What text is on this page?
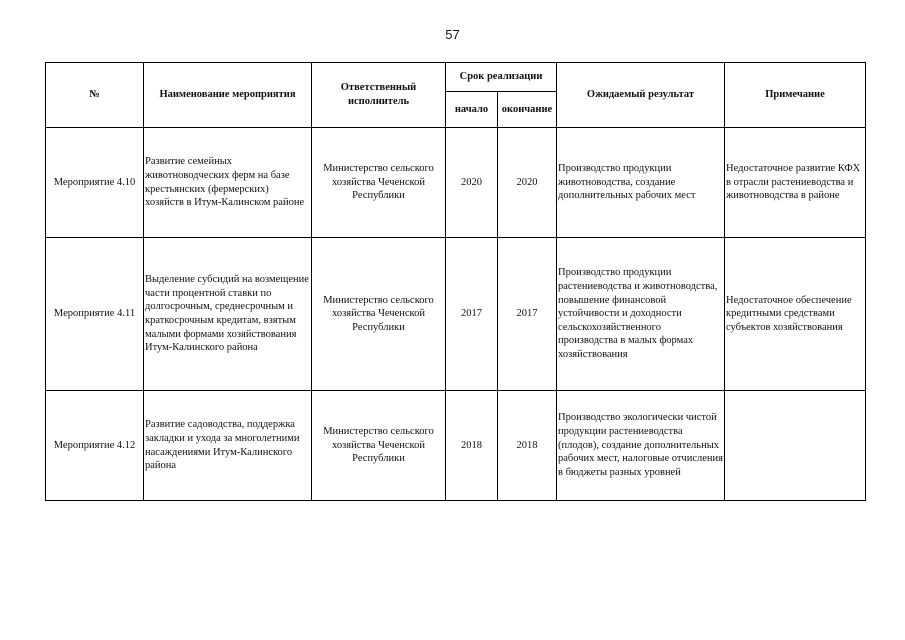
57
№	Наименование мероприятия	Ответственный исполнитель	Срок реализации		Ожидаемый результат	Примечание
			начало	окончание		
Мероприятие 4.10	Развитие семейных животноводческих ферм на базе крестьянских (фермерских) хозяйств в Итум-Калинском районе	Министерство сельского хозяйства Чеченской Республики	2020	2020	Производство продукции животноводства, создание дополнительных рабочих мест	Недостаточное развитие КФХ в отрасли растениеводства и животноводства в районе
Мероприятие 4.11	Выделение субсидий на возмещение части процентной ставки по долгосрочным, среднесрочным и краткосрочным кредитам, взятым малыми формами хозяйствования Итум-Калинского района	Министерство сельского хозяйства Чеченской Республики	2017	2017	Производство продукции растениеводства и животноводства, повышение финансовой устойчивости и доходности сельскохозяйственного производства в малых формах хозяйствования	Недостаточное обеспечение кредитными средствами субъектов хозяйствования
Мероприятие 4.12	Развитие садоводства, поддержка закладки и ухода за многолетними насаждениями Итум-Калинского района	Министерство сельского хозяйства Чеченской Республики	2018	2018	Производство экологически чистой продукции растениеводства (плодов), создание дополнительных рабочих мест, налоговые отчисления в бюджеты разных уровней	
